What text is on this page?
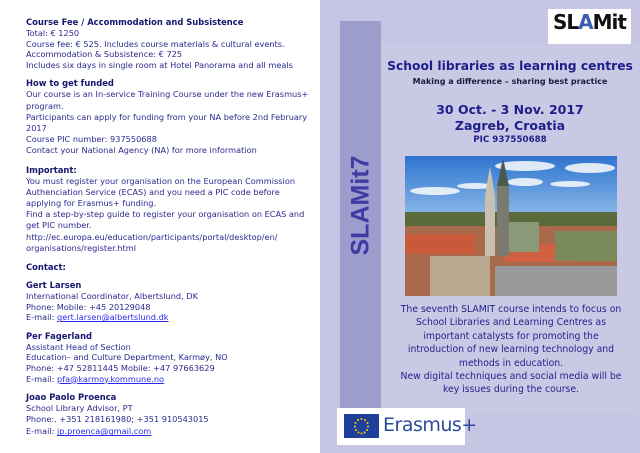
Course Fee / Accommodation and Subsistence

Total: € 1250

Course fee: € 525. Includes course materials & cultural events.

Accommodation & Subsistence: € 725

Includes six days in single room at Hotel Panorama and all meals

How to get funded

Our course is an In-service Training Course under the new Erasmus+ program.

Participants can apply for funding from your NA before 2nd February 2017

Course PIC number: 937550688

Contact your National Agency (NA) for more information

Important:

You must register your organisation on the European Commission Authenciation Service (ECAS) and you need a PIC code before applying for Erasmus+ funding.

Find a step-by-step guide to register your organisation on ECAS and get PIC number.

http://ec.europa.eu/education/participants/portal/desktop/en/ organisations/register.html

Contact:
Gert Larsen

International Coordinator, Albertslund, DK

Phone: Mobile: +45 20129048

E-mail: gert.larsen@albertslund.dk

Per Fagerland

Assistant Head of Section

Education– and Culture Department, Karmøy, NO

Phone: +47 52811445 Mobile: +47 97663629

E-mail: pfa@karmoy.kommune.no

Joao Paolo Proenca

School Library Advisor, PT

Phone:. +351 218161980; +351 910543015

E-mail: jp.proenca@gmail.com

SLAMit7
SLAMit
· · · · · · · · · · · · ·
School libraries as learning centres
Making a difference – sharing best practice
30 Oct. - 3 Nov. 2017
Zagreb, Croatia
PIC 937550688

The seventh SLAMIT course intends to focus on School Libraries and Learning Centres as important catalysts for promoting the introduction of new learning technology and methods in education.

New digital techniques and social media will be key issues during the course.

Erasmus+
